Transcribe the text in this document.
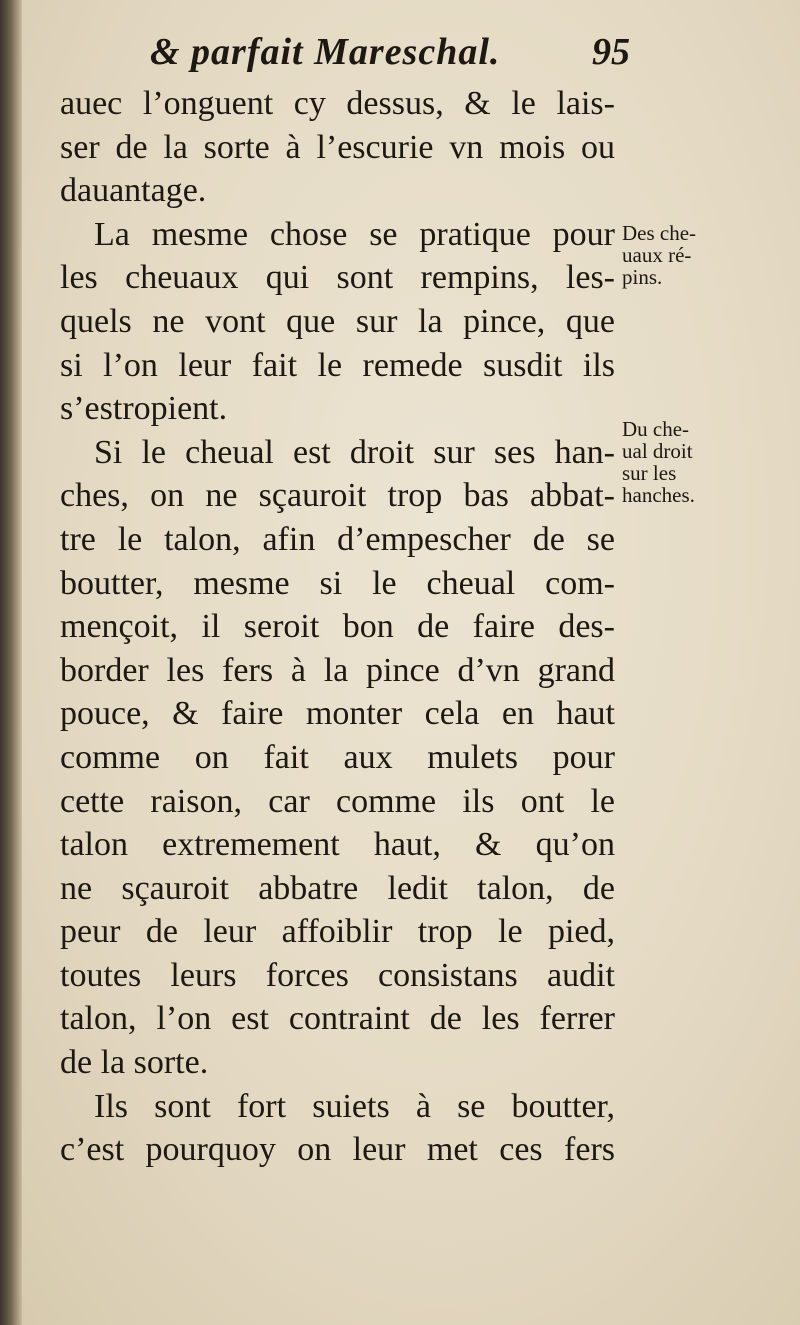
& parfait Mareschal. 95
auec l’onguent cy dessus, & le lais-
ser de la sorte à l’escurie vn mois ou
dauantage.
La mesme chose se pratique pour
les cheuaux qui sont rempins, les-
quels ne vont que sur la pince, que
si l’on leur fait le remede susdit ils
s’estropient.
Si le cheual est droit sur ses han-
ches, on ne sçauroit trop bas abbat-
tre le talon, afin d’empescher de se
boutter, mesme si le cheual com-
mençoit, il seroit bon de faire des-
border les fers à la pince d’vn grand
pouce, & faire monter cela en haut
comme on fait aux mulets pour
cette raison, car comme ils ont le
talon extremement haut, & qu’on
ne sçauroit abbatre ledit talon, de
peur de leur affoiblir trop le pied,
toutes leurs forces consistans audit
talon, l’on est contraint de les ferrer
de la sorte.
Ils sont fort suiets à se boutter,
c’est pourquoy on leur met ces fers
Des che-
uaux ré-
pins.
Du che-
ual droit
sur les
hanches.
